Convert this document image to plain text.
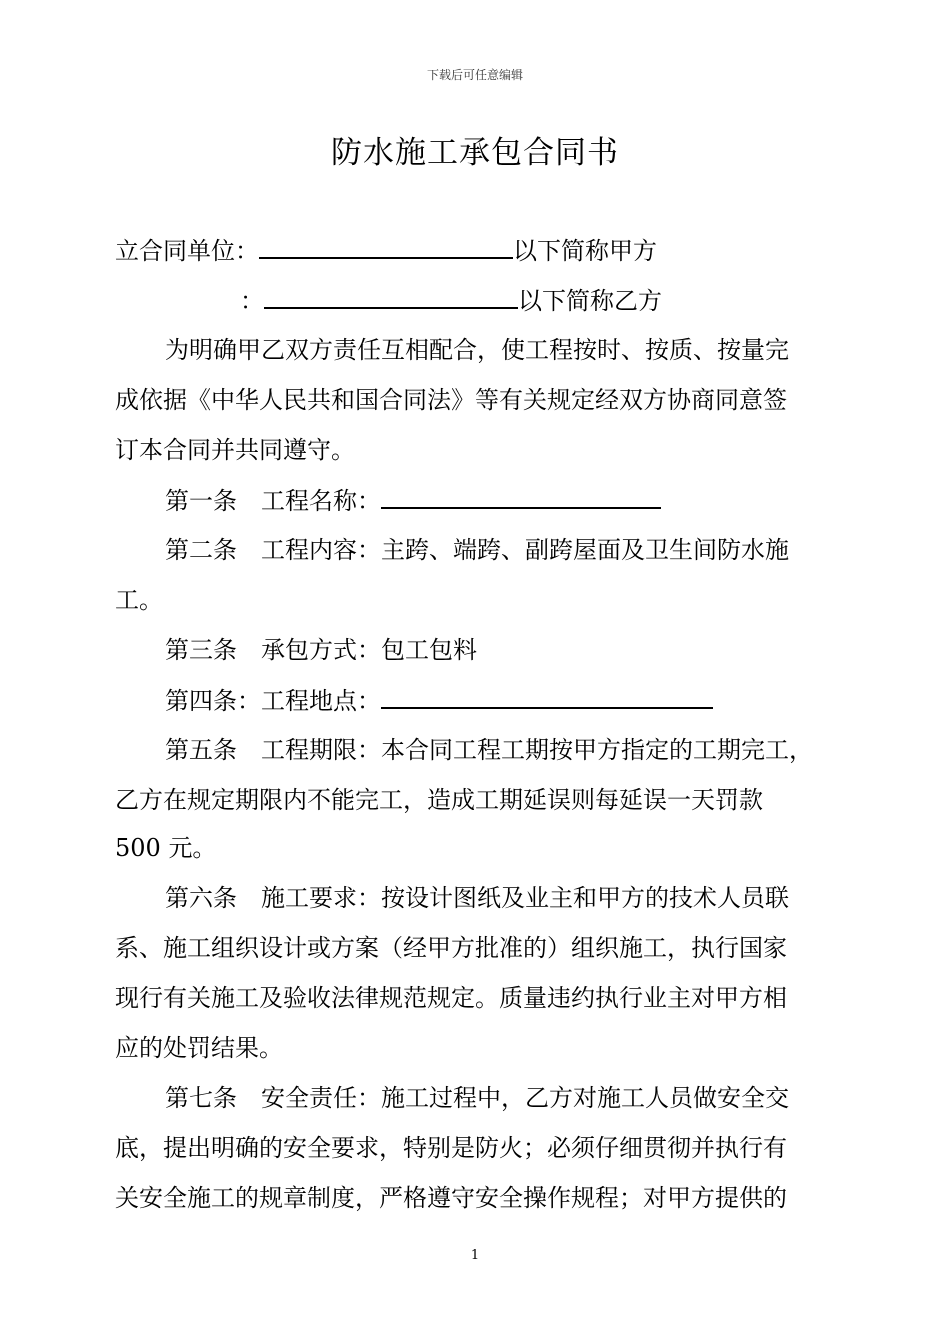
下载后可任意编辑
防水施工承包合同书
立合同单位：	以下简称甲方
：	以下简称乙方
为明确甲乙双方责任互相配合，使工程按时、按质、按量完
成依据《中华人民共和国合同法》等有关规定经双方协商同意签
订本合同并共同遵守。
第一条　工程名称：
第二条　工程内容：主跨、端跨、副跨屋面及卫生间防水施
工。
第三条　承包方式：包工包料
第四条：工程地点：
第五条　工程期限：本合同工程工期按甲方指定的工期完工，
乙方在规定期限内不能完工，造成工期延误则每延误一天罚款
500 元。
第六条　施工要求：按设计图纸及业主和甲方的技术人员联
系、施工组织设计或方案（经甲方批准的）组织施工，执行国家
现行有关施工及验收法律规范规定。质量违约执行业主对甲方相
应的处罚结果。
第七条　安全责任：施工过程中，乙方对施工人员做安全交
底，提出明确的安全要求，特别是防火；必须仔细贯彻并执行有
关安全施工的规章制度，严格遵守安全操作规程；对甲方提供的
1
